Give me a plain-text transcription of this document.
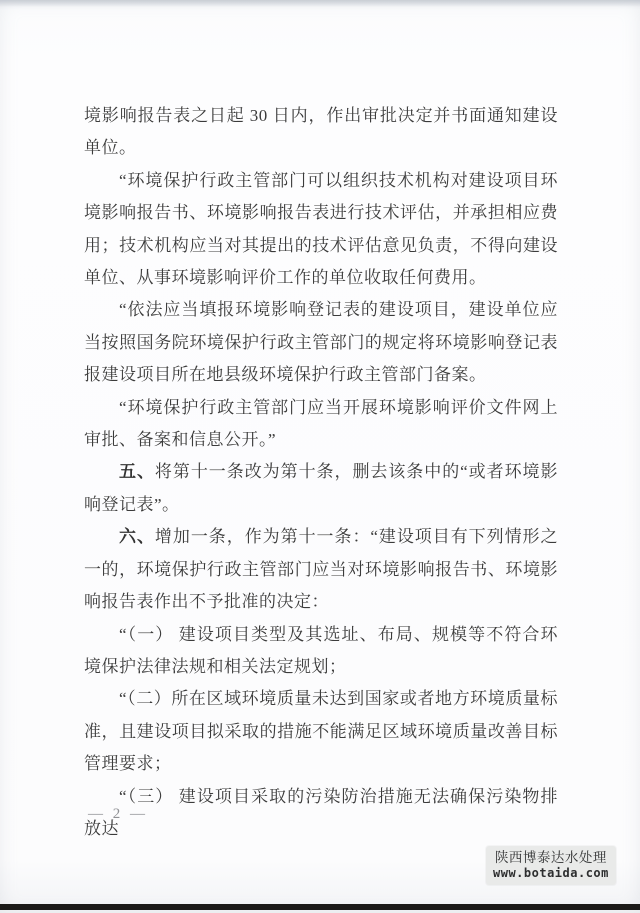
境影响报告表之日起 30 日内，作出审批决定并书面通知建设单位。

“环境保护行政主管部门可以组织技术机构对建设项目环境影响报告书、环境影响报告表进行技术评估，并承担相应费用；技术机构应当对其提出的技术评估意见负责，不得向建设单位、从事环境影响评价工作的单位收取任何费用。

“依法应当填报环境影响登记表的建设项目，建设单位应当按照国务院环境保护行政主管部门的规定将环境影响登记表报建设项目所在地县级环境保护行政主管部门备案。

“环境保护行政主管部门应当开展环境影响评价文件网上审批、备案和信息公开。”

五、将第十一条改为第十条，删去该条中的“或者环境影响登记表”。

六、增加一条，作为第十一条：“建设项目有下列情形之一的，环境保护行政主管部门应当对环境影响报告书、环境影响报告表作出不予批准的决定：

“（一） 建设项目类型及其选址、布局、规模等不符合环境保护法律法规和相关法定规划；

“（二）所在区域环境质量未达到国家或者地方环境质量标准，且建设项目拟采取的措施不能满足区域环境质量改善目标管理要求；

“（三） 建设项目采取的污染防治措施无法确保污染物排放达

— 2 —
陕西博泰达水处理
www.botaida.com
